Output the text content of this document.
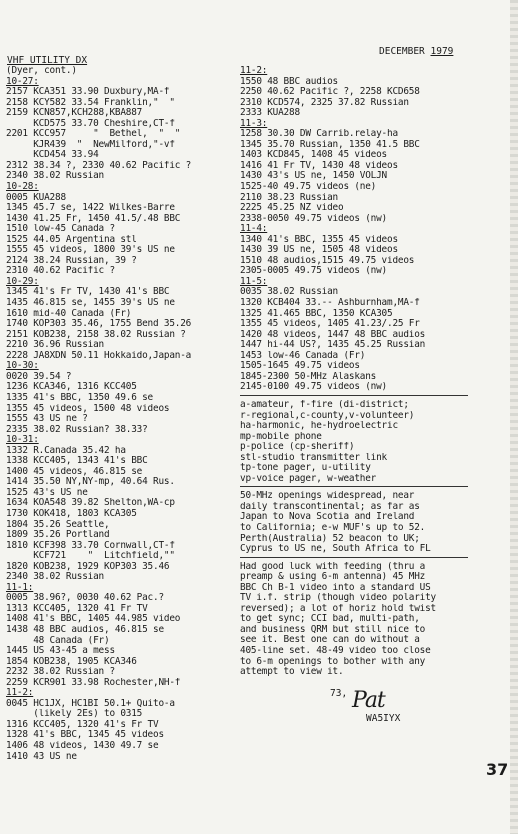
VHF UTILITY DX
DECEMBER 1979
(Dyer, cont.)
10-27:
2157 KCA351 33.90 Duxbury,MA-f
2158 KCY582 33.54 Franklin,"  "
2159 KCN857,KCH288,KBA887
KCD575 33.70 Cheshire,CT-f
2201 KCC957     "  Bethel,  "  "
KJR439  "  NewMilford,"-vf
KCD454 33.94
2312 38.34 ?, 2330 40.62 Pacific ?
2340 38.02 Russian
10-28:
0005 KUA288
1345 45.7 se, 1422 Wilkes-Barre
1430 41.25 Fr, 1450 41.5/.48 BBC
1510 low-45 Canada ?
1525 44.05 Argentina stl
1555 45 videos, 1800 39's US ne
2124 38.24 Russian, 39 ?
2310 40.62 Pacific ?
10-29:
1345 41's Fr TV, 1430 41's BBC
1435 46.815 se, 1455 39's US ne
1610 mid-40 Canada (Fr)
1740 KOP303 35.46, 1755 Bend 35.26
2151 KOB238, 2158 38.02 Russian ?
2210 36.96 Russian
2228 JA8XDN 50.11 Hokkaido,Japan-a
10-30:
0020 39.54 ?
1236 KCA346, 1316 KCC405
1335 41's BBC, 1350 49.6 se
1355 45 videos, 1500 48 videos
1555 43 US ne ?
2335 38.02 Russian? 38.33?
10-31:
1332 R.Canada 35.42 ha
1338 KCC405, 1343 41's BBC
1400 45 videos, 46.815 se
1414 35.50 NY,NY-mp, 40.64 Rus.
1525 43's US ne
1634 KOA548 39.82 Shelton,WA-cp
1730 KOK418, 1803 KCA305
1804 35.26 Seattle,
1809 35.26 Portland
1810 KCF398 33.70 Cornwall,CT-f
KCF721    "  Litchfield,""
1820 KOB238, 1929 KOP303 35.46
2340 38.02 Russian
11-1:
0005 38.96?, 0030 40.62 Pac.?
1313 KCC405, 1320 41 Fr TV
1408 41's BBC, 1405 44.985 video
1438 48 BBC audios, 46.815 se
48 Canada (Fr)
1445 US 43-45 a mess
1854 KOB238, 1905 KCA346
2232 38.02 Russian ?
2259 KCR901 33.98 Rochester,NH-f
11-2:
0045 HC1JX, HC1BI 50.1+ Quito-a
(likely 2Es) to 0315
1316 KCC405, 1320 41's Fr TV
1328 41's BBC, 1345 45 videos
1406 48 videos, 1430 49.7 se
1410 43 US ne
11-2:
1550 48 BBC audios
2250 40.62 Pacific ?, 2258 KCD658
2310 KCD574, 2325 37.82 Russian
2333 KUA288
11-3:
1258 30.30 DW Carrib.relay-ha
1345 35.70 Russian, 1350 41.5 BBC
1403 KCD845, 1408 45 videos
1416 41 Fr TV, 1430 48 videos
1430 43's US ne, 1450 VOLJN
1525-40 49.75 videos (ne)
2110 38.23 Russian
2225 45.25 NZ video
2338-0050 49.75 videos (nw)
11-4:
1340 41's BBC, 1355 45 videos
1430 39 US ne, 1505 48 videos
1510 48 audios,1515 49.75 videos
2305-0005 49.75 videos (nw)
11-5:
0035 38.02 Russian
1320 KCB404 33.-- Ashburnham,MA-f
1325 41.465 BBC, 1350 KCA305
1355 45 videos, 1405 41.23/.25 Fr
1420 48 videos, 1447 48 BBC audios
1447 hi-44 US?, 1435 45.25 Russian
1453 low-46 Canada (Fr)
1505-1645 49.75 videos
1845-2300 50-MHz Alaskans
2145-0100 49.75 videos (nw)
a-amateur, f-fire (di-district;
r-regional,c-county,v-volunteer)
ha-harmonic, he-hydroelectric
mp-mobile phone
p-police (cp-sheriff)
stl-studio transmitter link
tp-tone pager, u-utility
vp-voice pager, w-weather
50-MHz openings widespread, near
daily transcontinental; as far as
Japan to Nova Scotia and Ireland
to California; e-w MUF's up to 52.
Perth(Australia) 52 beacon to UK;
Cyprus to US ne, South Africa to FL
Had good luck with feeding (thru a
preamp & using 6-m antenna) 45 MHz
BBC Ch B-1 video into a standard US
TV i.f. strip (though video polarity
reversed); a lot of horiz hold twist
to get sync; CCI bad, multi-path,
and business QRM but still nice to
see it. Best one can do without a
405-line set. 48-49 video too close
to 6-m openings to bother with any
attempt to view it.
73, Pat
WA5IYX
37
